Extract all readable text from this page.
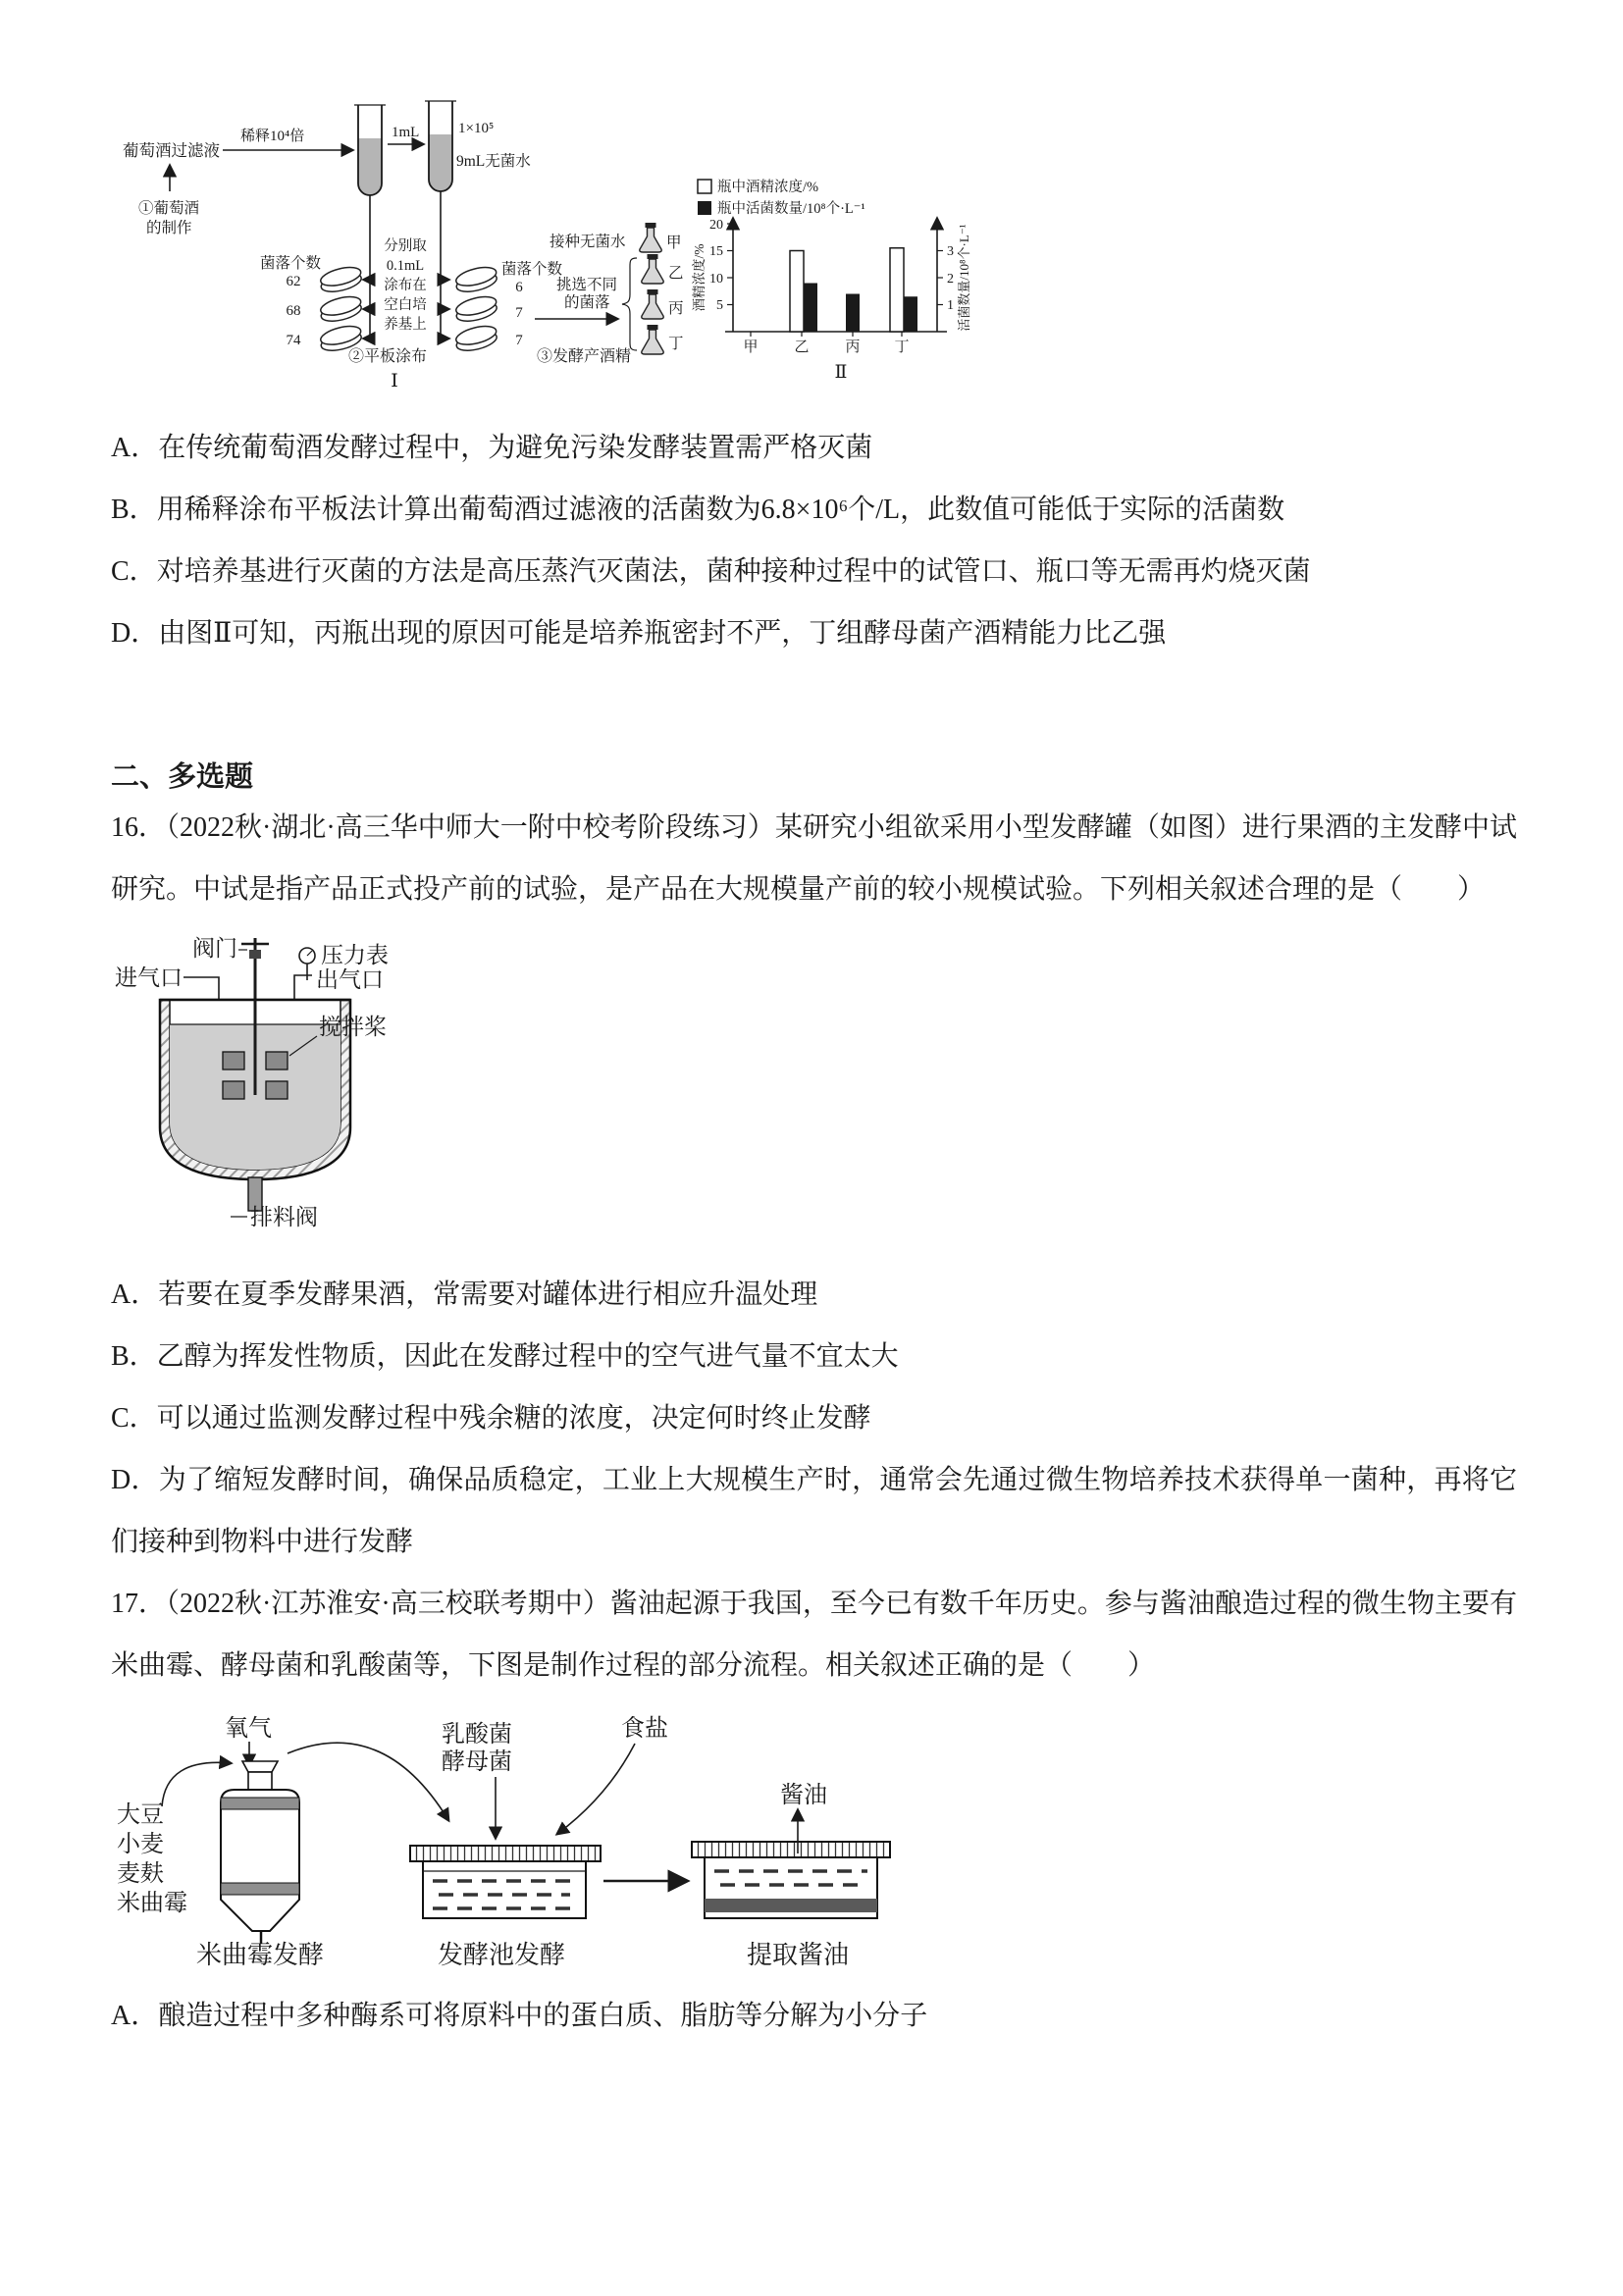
葡萄酒过滤液
①葡萄酒
的制作
稀释10⁴倍	1mL	1×10⁵
9mL无菌水
分别取
0.1mL
涂布在
空白培
养基上
菌落个数
62
68
74
菌落个数
6
7
7
②平板涂布
Ⅰ
接种无菌水	甲
挑选不同
的菌落
乙
丙
丁
③发酵产酒精
瓶中酒精浓度/%
瓶中活菌数量/10⁸个·L⁻¹
5
10
15
20
1
2
3
酒精浓度/%	活菌数量/10⁸个·L⁻¹
甲 乙 丙 丁
Ⅱ

A．在传统葡萄酒发酵过程中，为避免污染发酵装置需严格灭菌

B．用稀释涂布平板法计算出葡萄酒过滤液的活菌数为6.8×10⁶个/L，此数值可能低于实际的活菌数

C．对培养基进行灭菌的方法是高压蒸汽灭菌法，菌种接种过程中的试管口、瓶口等无需再灼烧灭菌

D．由图Ⅱ可知，丙瓶出现的原因可能是培养瓶密封不严，丁组酵母菌产酒精能力比乙强

二、多选题

16．（2022秋·湖北·高三华中师大一附中校考阶段练习）某研究小组欲采用小型发酵罐（如图）进行果酒的主发酵中试研究。中试是指产品正式投产前的试验，是产品在大规模量产前的较小规模试验。下列相关叙述合理的是（　　）

阀门	压力表
进气口	出气口
搅拌桨
排料阀

A．若要在夏季发酵果酒，常需要对罐体进行相应升温处理

B．乙醇为挥发性物质，因此在发酵过程中的空气进气量不宜太大

C．可以通过监测发酵过程中残余糖的浓度，决定何时终止发酵

D．为了缩短发酵时间，确保品质稳定，工业上大规模生产时，通常会先通过微生物培养技术获得单一菌种，再将它们接种到物料中进行发酵

17．（2022秋·江苏淮安·高三校联考期中）酱油起源于我国，至今已有数千年历史。参与酱油酿造过程的微生物主要有米曲霉、酵母菌和乳酸菌等，下图是制作过程的部分流程。相关叙述正确的是（　　）

大豆
小麦
麦麸
米曲霉
氧气	乳酸菌
酵母菌
食盐
酱油
米曲霉发酵	发酵池发酵	提取酱油

A．酿造过程中多种酶系可将原料中的蛋白质、脂肪等分解为小分子
